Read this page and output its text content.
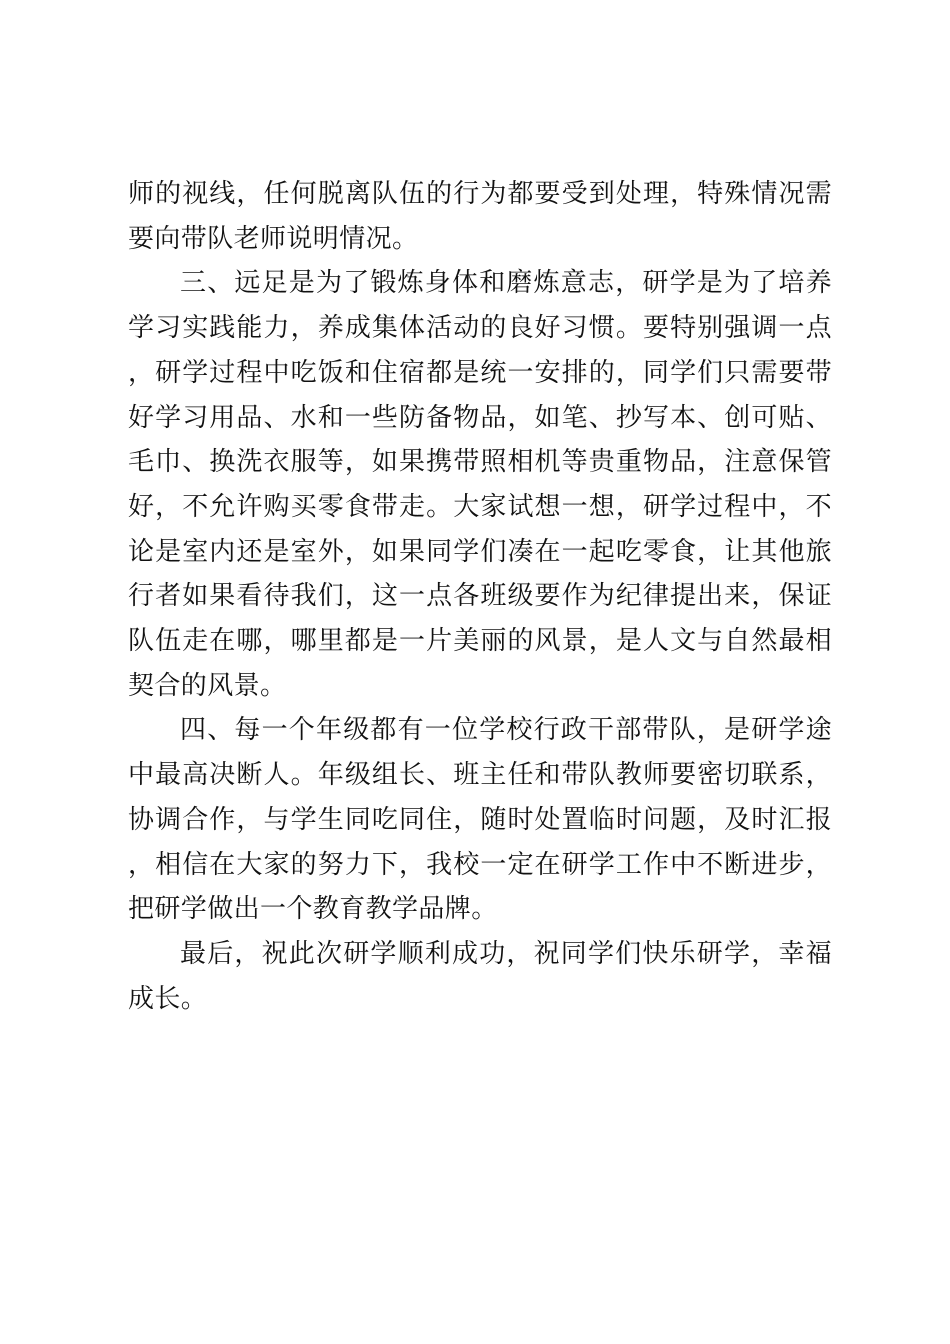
师的视线，任何脱离队伍的行为都要受到处理，特殊情况需要向带队老师说明情况。

三、远足是为了锻炼身体和磨炼意志，研学是为了培养学习实践能力，养成集体活动的良好习惯。要特别强调一点，研学过程中吃饭和住宿都是统一安排的，同学们只需要带好学习用品、水和一些防备物品，如笔、抄写本、创可贴、毛巾、换洗衣服等，如果携带照相机等贵重物品，注意保管好，不允许购买零食带走。大家试想一想，研学过程中，不论是室内还是室外，如果同学们凑在一起吃零食，让其他旅行者如果看待我们，这一点各班级要作为纪律提出来，保证队伍走在哪，哪里都是一片美丽的风景，是人文与自然最相契合的风景。

四、每一个年级都有一位学校行政干部带队，是研学途中最高决断人。年级组长、班主任和带队教师要密切联系，协调合作，与学生同吃同住，随时处置临时问题，及时汇报，相信在大家的努力下，我校一定在研学工作中不断进步，把研学做出一个教育教学品牌。

最后，祝此次研学顺利成功，祝同学们快乐研学，幸福成长。
